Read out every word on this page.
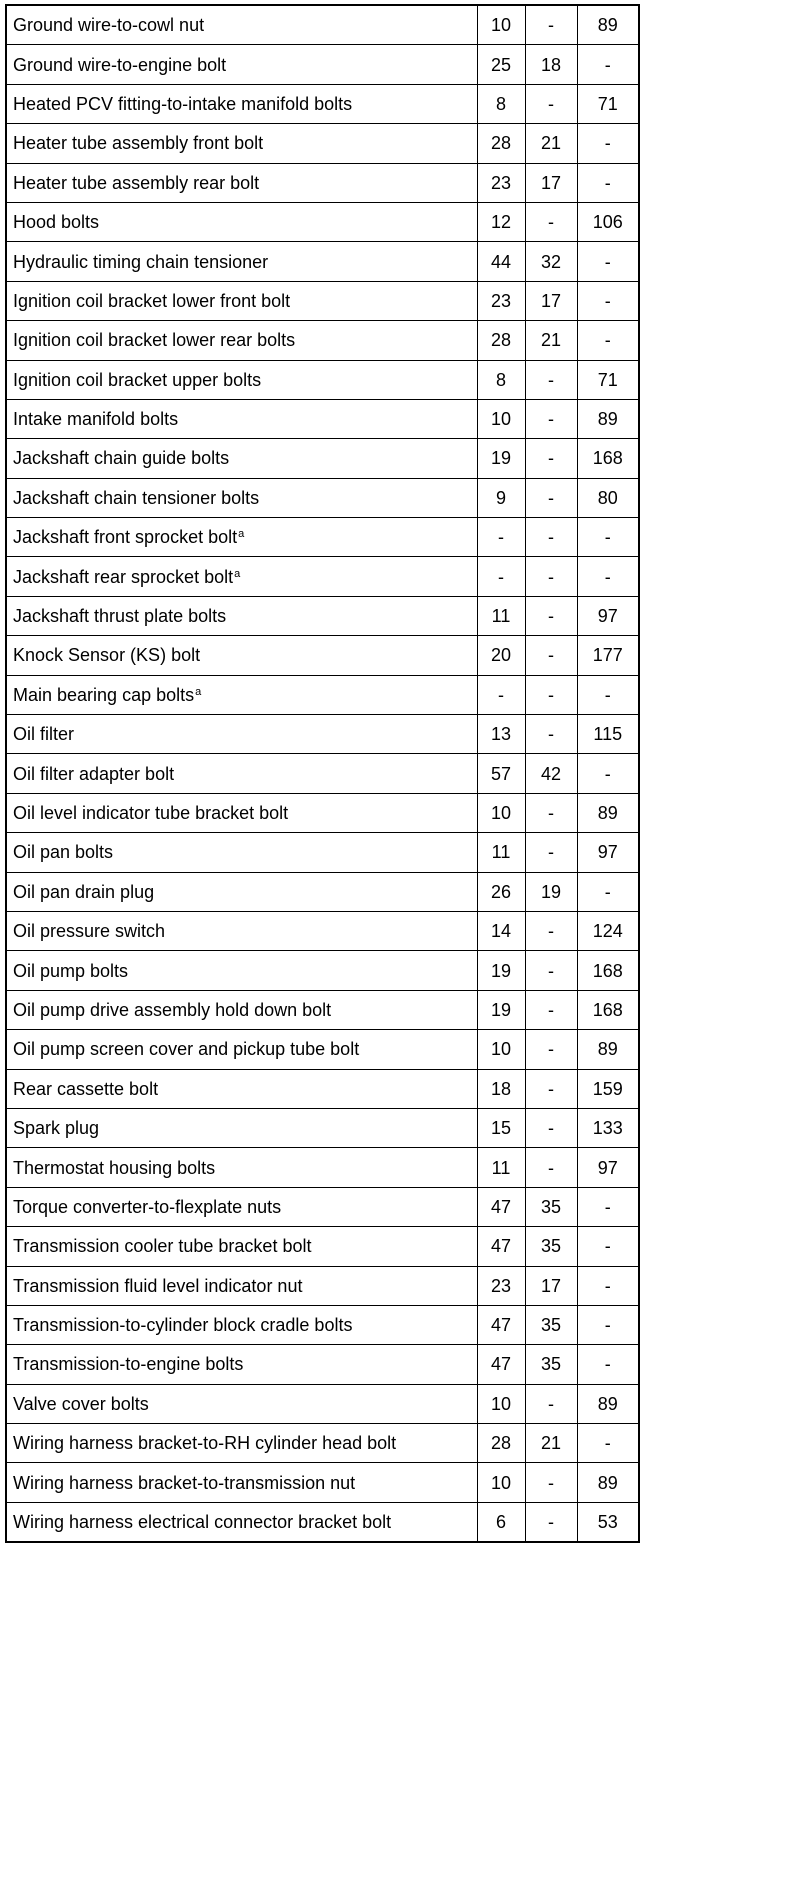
Ground wire-to-cowl nut	10	-	89
Ground wire-to-engine bolt	25	18	-
Heated PCV fitting-to-intake manifold bolts	8	-	71
Heater tube assembly front bolt	28	21	-
Heater tube assembly rear bolt	23	17	-
Hood bolts	12	-	106
Hydraulic timing chain tensioner	44	32	-
Ignition coil bracket lower front bolt	23	17	-
Ignition coil bracket lower rear bolts	28	21	-
Ignition coil bracket upper bolts	8	-	71
Intake manifold bolts	10	-	89
Jackshaft chain guide bolts	19	-	168
Jackshaft chain tensioner bolts	9	-	80
Jackshaft front sprocket bolt$^a$	-	-	-
Jackshaft rear sprocket bolt$^a$	-	-	-
Jackshaft thrust plate bolts	11	-	97
Knock Sensor (KS) bolt	20	-	177
Main bearing cap bolts$^a$	-	-	-
Oil filter	13	-	115
Oil filter adapter bolt	57	42	-
Oil level indicator tube bracket bolt	10	-	89
Oil pan bolts	11	-	97
Oil pan drain plug	26	19	-
Oil pressure switch	14	-	124
Oil pump bolts	19	-	168
Oil pump drive assembly hold down bolt	19	-	168
Oil pump screen cover and pickup tube bolt	10	-	89
Rear cassette bolt	18	-	159
Spark plug	15	-	133
Thermostat housing bolts	11	-	97
Torque converter-to-flexplate nuts	47	35	-
Transmission cooler tube bracket bolt	47	35	-
Transmission fluid level indicator nut	23	17	-
Transmission-to-cylinder block cradle bolts	47	35	-
Transmission-to-engine bolts	47	35	-
Valve cover bolts	10	-	89
Wiring harness bracket-to-RH cylinder head bolt	28	21	-
Wiring harness bracket-to-transmission nut	10	-	89
Wiring harness electrical connector bracket bolt	6	-	53
